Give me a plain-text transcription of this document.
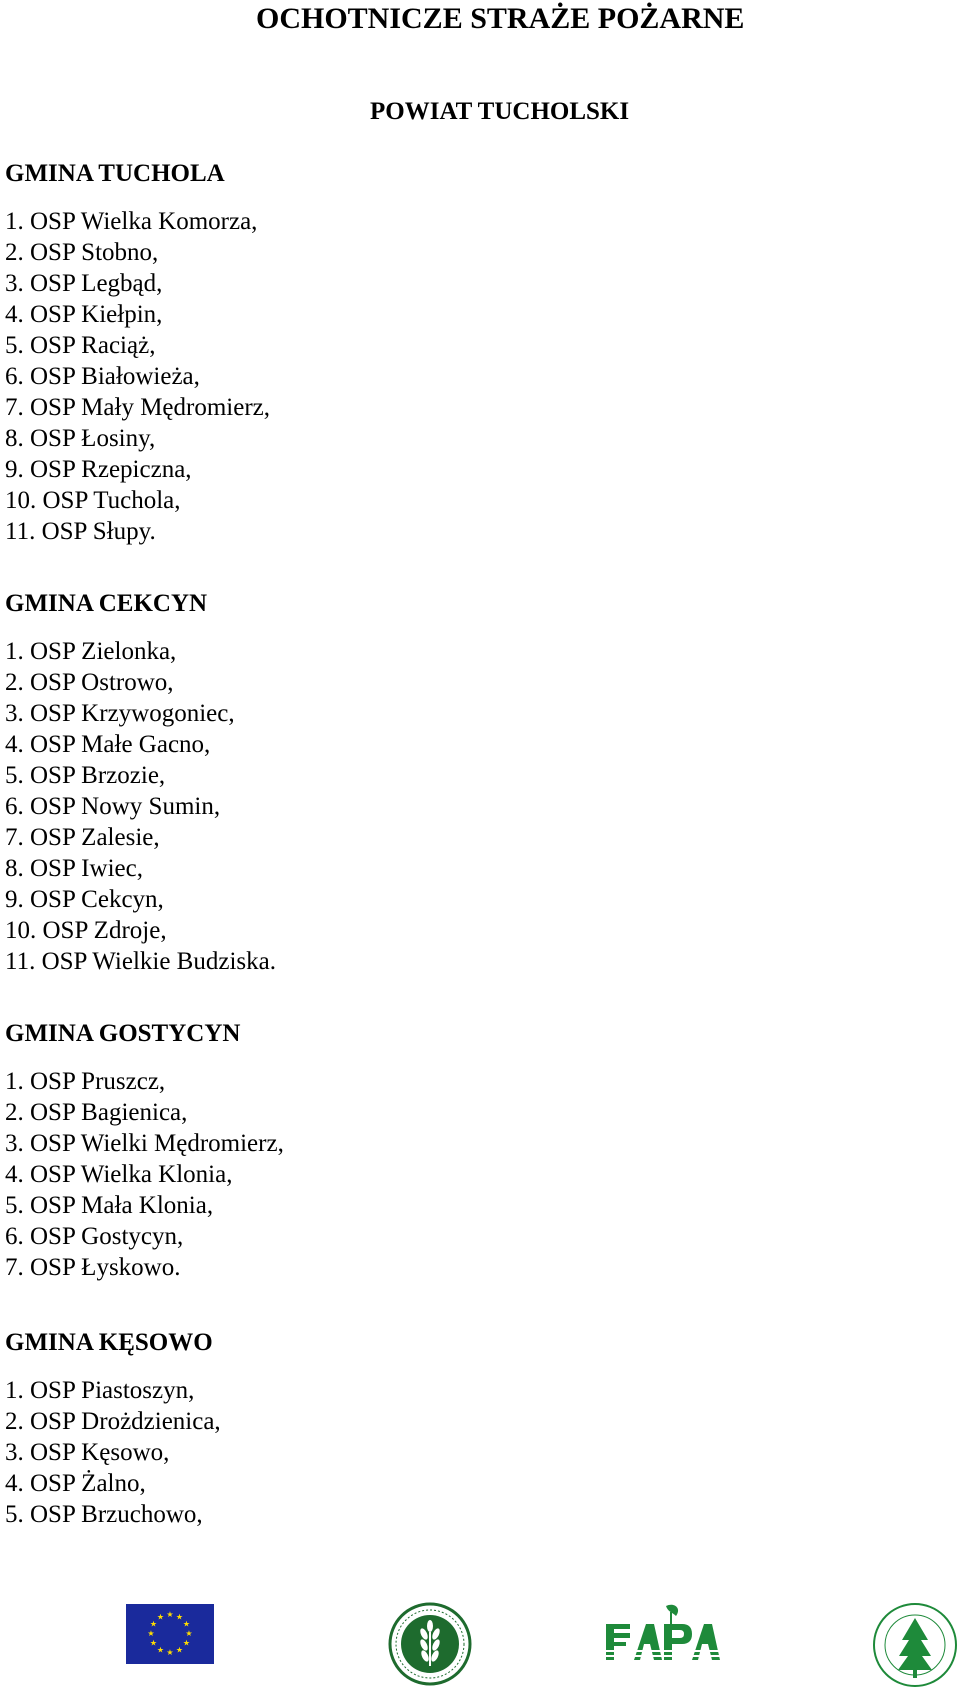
OCHOTNICZE STRAŻE POŻARNE
POWIAT TUCHOLSKI
GMINA TUCHOLA
1. OSP Wielka Komorza,
2. OSP Stobno,
3. OSP Legbąd,
4. OSP Kiełpin,
5. OSP Raciąż,
6. OSP Białowieża,
7. OSP Mały Mędromierz,
8. OSP Łosiny,
9. OSP Rzepiczna,
10. OSP Tuchola,
11. OSP Słupy.
GMINA CEKCYN
1. OSP Zielonka,
2. OSP Ostrowo,
3. OSP Krzywogoniec,
4. OSP Małe Gacno,
5. OSP Brzozie,
6. OSP Nowy Sumin,
7. OSP Zalesie,
8. OSP Iwiec,
9. OSP Cekcyn,
10. OSP Zdroje,
11. OSP Wielkie Budziska.
GMINA GOSTYCYN
1. OSP Pruszcz,
2. OSP Bagienica,
3. OSP Wielki Mędromierz,
4. OSP Wielka Klonia,
5. OSP Mała Klonia,
6. OSP Gostycyn,
7. OSP Łyskowo.
GMINA KĘSOWO
1. OSP Piastoszyn,
2. OSP Drożdzienica,
3. OSP Kęsowo,
4. OSP Żalno,
5. OSP Brzuchowo,
★ ★
★
★
★
★
★
★
★
★
★
★
